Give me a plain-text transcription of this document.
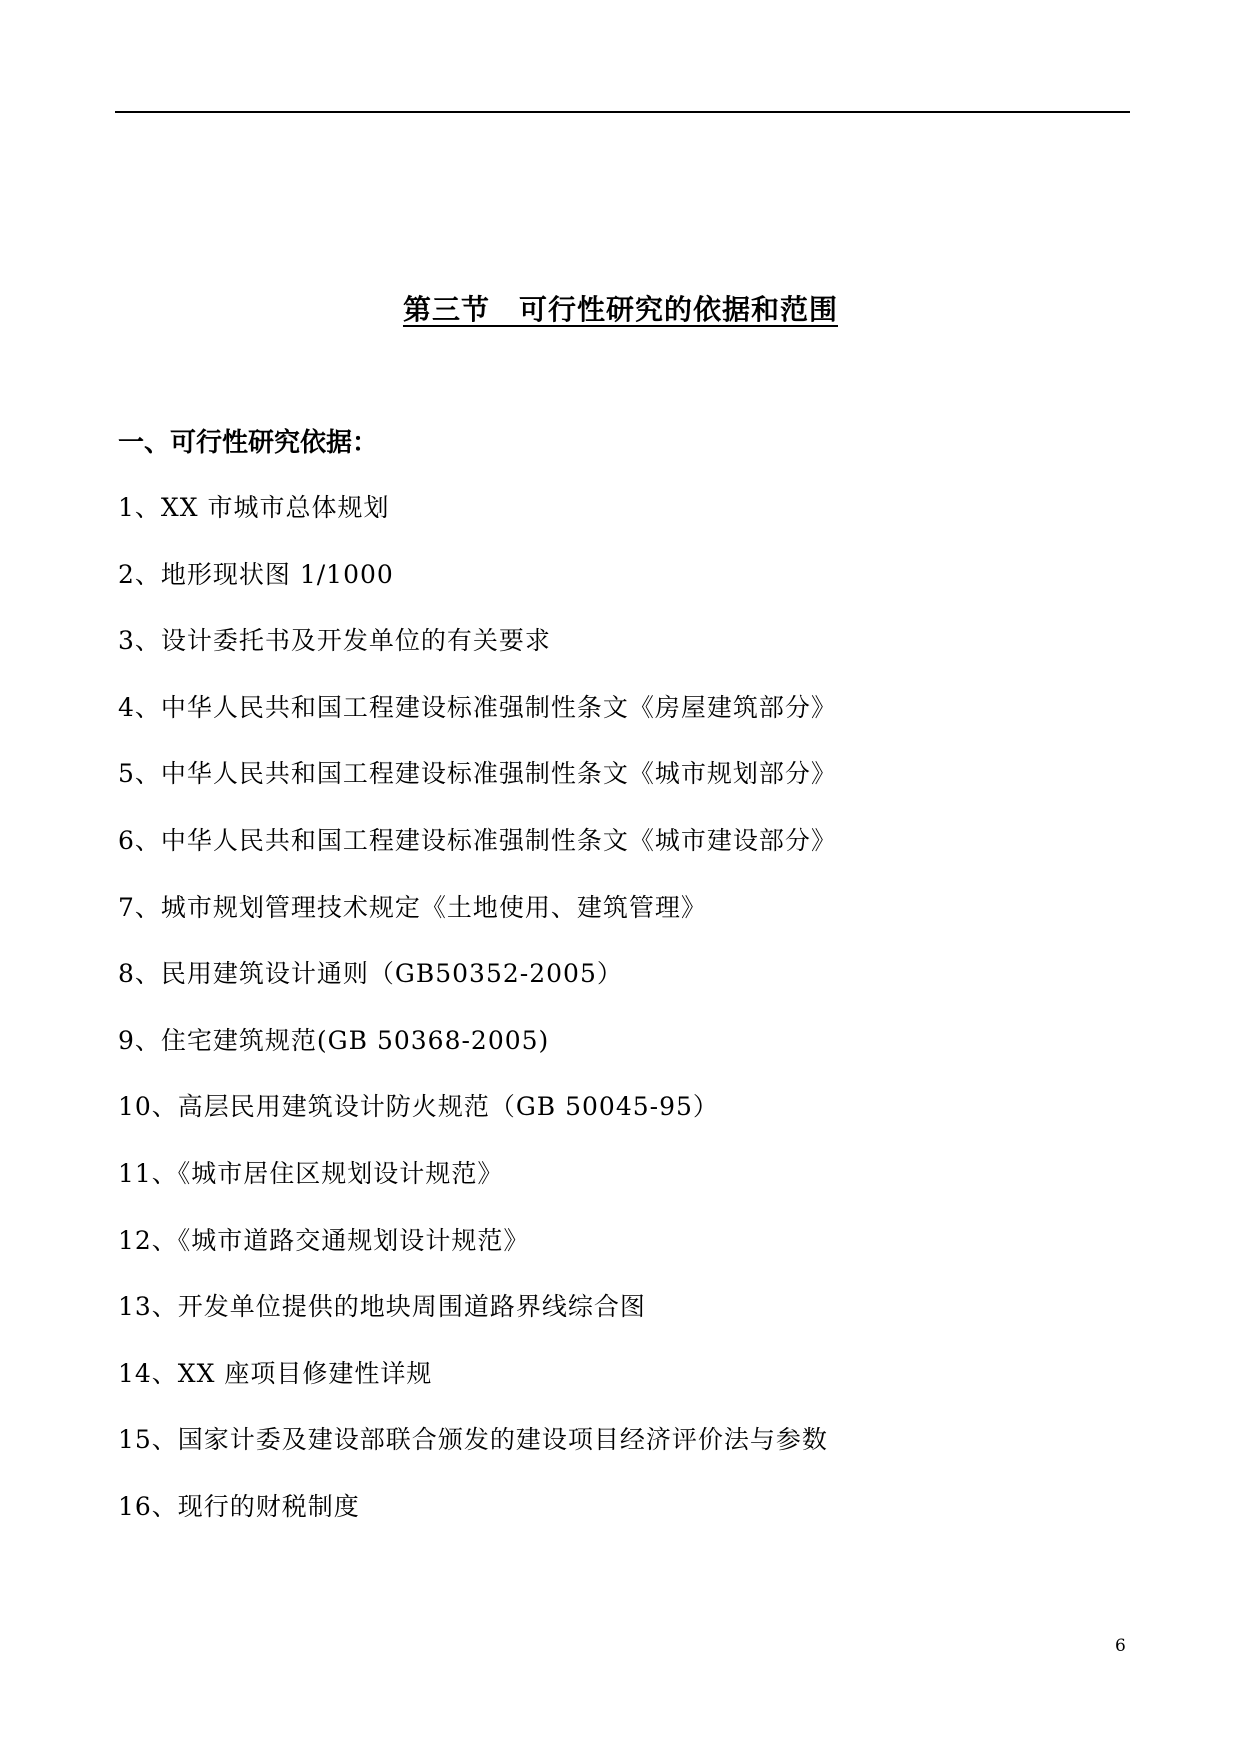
第三节　可行性研究的依据和范围
一、可行性研究依据：
1、XX 市城市总体规划
2、地形现状图 1/1000
3、设计委托书及开发单位的有关要求
4、中华人民共和国工程建设标准强制性条文《房屋建筑部分》
5、中华人民共和国工程建设标准强制性条文《城市规划部分》
6、中华人民共和国工程建设标准强制性条文《城市建设部分》
7、城市规划管理技术规定《土地使用、建筑管理》
8、民用建筑设计通则（GB50352-2005）
9、住宅建筑规范(GB 50368-2005)
10、高层民用建筑设计防火规范（GB 50045-95）
11、《城市居住区规划设计规范》
12、《城市道路交通规划设计规范》
13、开发单位提供的地块周围道路界线综合图
14、XX 座项目修建性详规
15、国家计委及建设部联合颁发的建设项目经济评价法与参数
16、现行的财税制度
6
